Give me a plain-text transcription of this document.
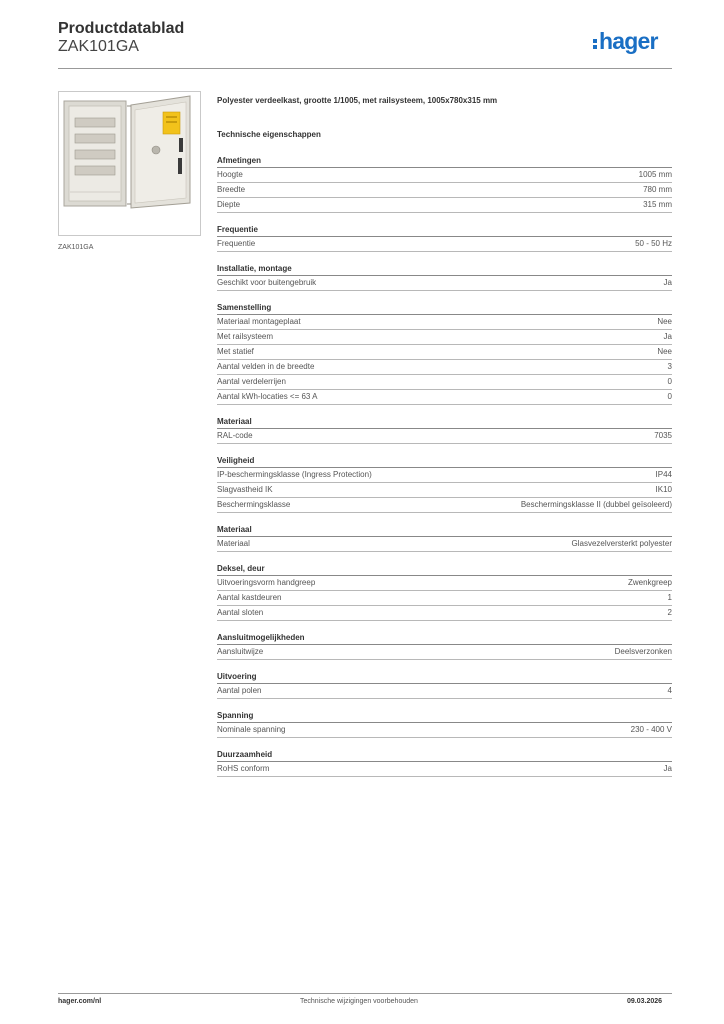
Productdatablad
ZAK101GA	hager
ZAK101GA
Polyester verdeelkast, grootte 1/1005, met railsysteem, 1005x780x315 mm
Technische eigenschappen
Afmetingen
Hoogte	1005 mm
Breedte	780 mm
Diepte	315 mm
Frequentie
Frequentie	50 - 50 Hz
Installatie, montage
Geschikt voor buitengebruik	Ja
Samenstelling
Materiaal montageplaat	Nee
Met railsysteem	Ja
Met statief	Nee
Aantal velden in de breedte	3
Aantal verdelerrijen	0
Aantal kWh-locaties <= 63 A	0
Materiaal
RAL-code	7035
Veiligheid
IP-beschermingsklasse (Ingress Protection)	IP44
Slagvastheid IK	IK10
Beschermingsklasse	Beschermingsklasse II (dubbel geïsoleerd)
Materiaal
Materiaal	Glasvezelversterkt polyester
Deksel, deur
Uitvoeringsvorm handgreep	Zwenkgreep
Aantal kastdeuren	1
Aantal sloten	2
Aansluitmogelijkheden
Aansluitwijze	Deelsverzonken
Uitvoering
Aantal polen	4
Spanning
Nominale spanning	230 - 400 V
Duurzaamheid
RoHS conform	Ja
hager.com/nl	Technische wijzigingen voorbehouden	09.03.2026
